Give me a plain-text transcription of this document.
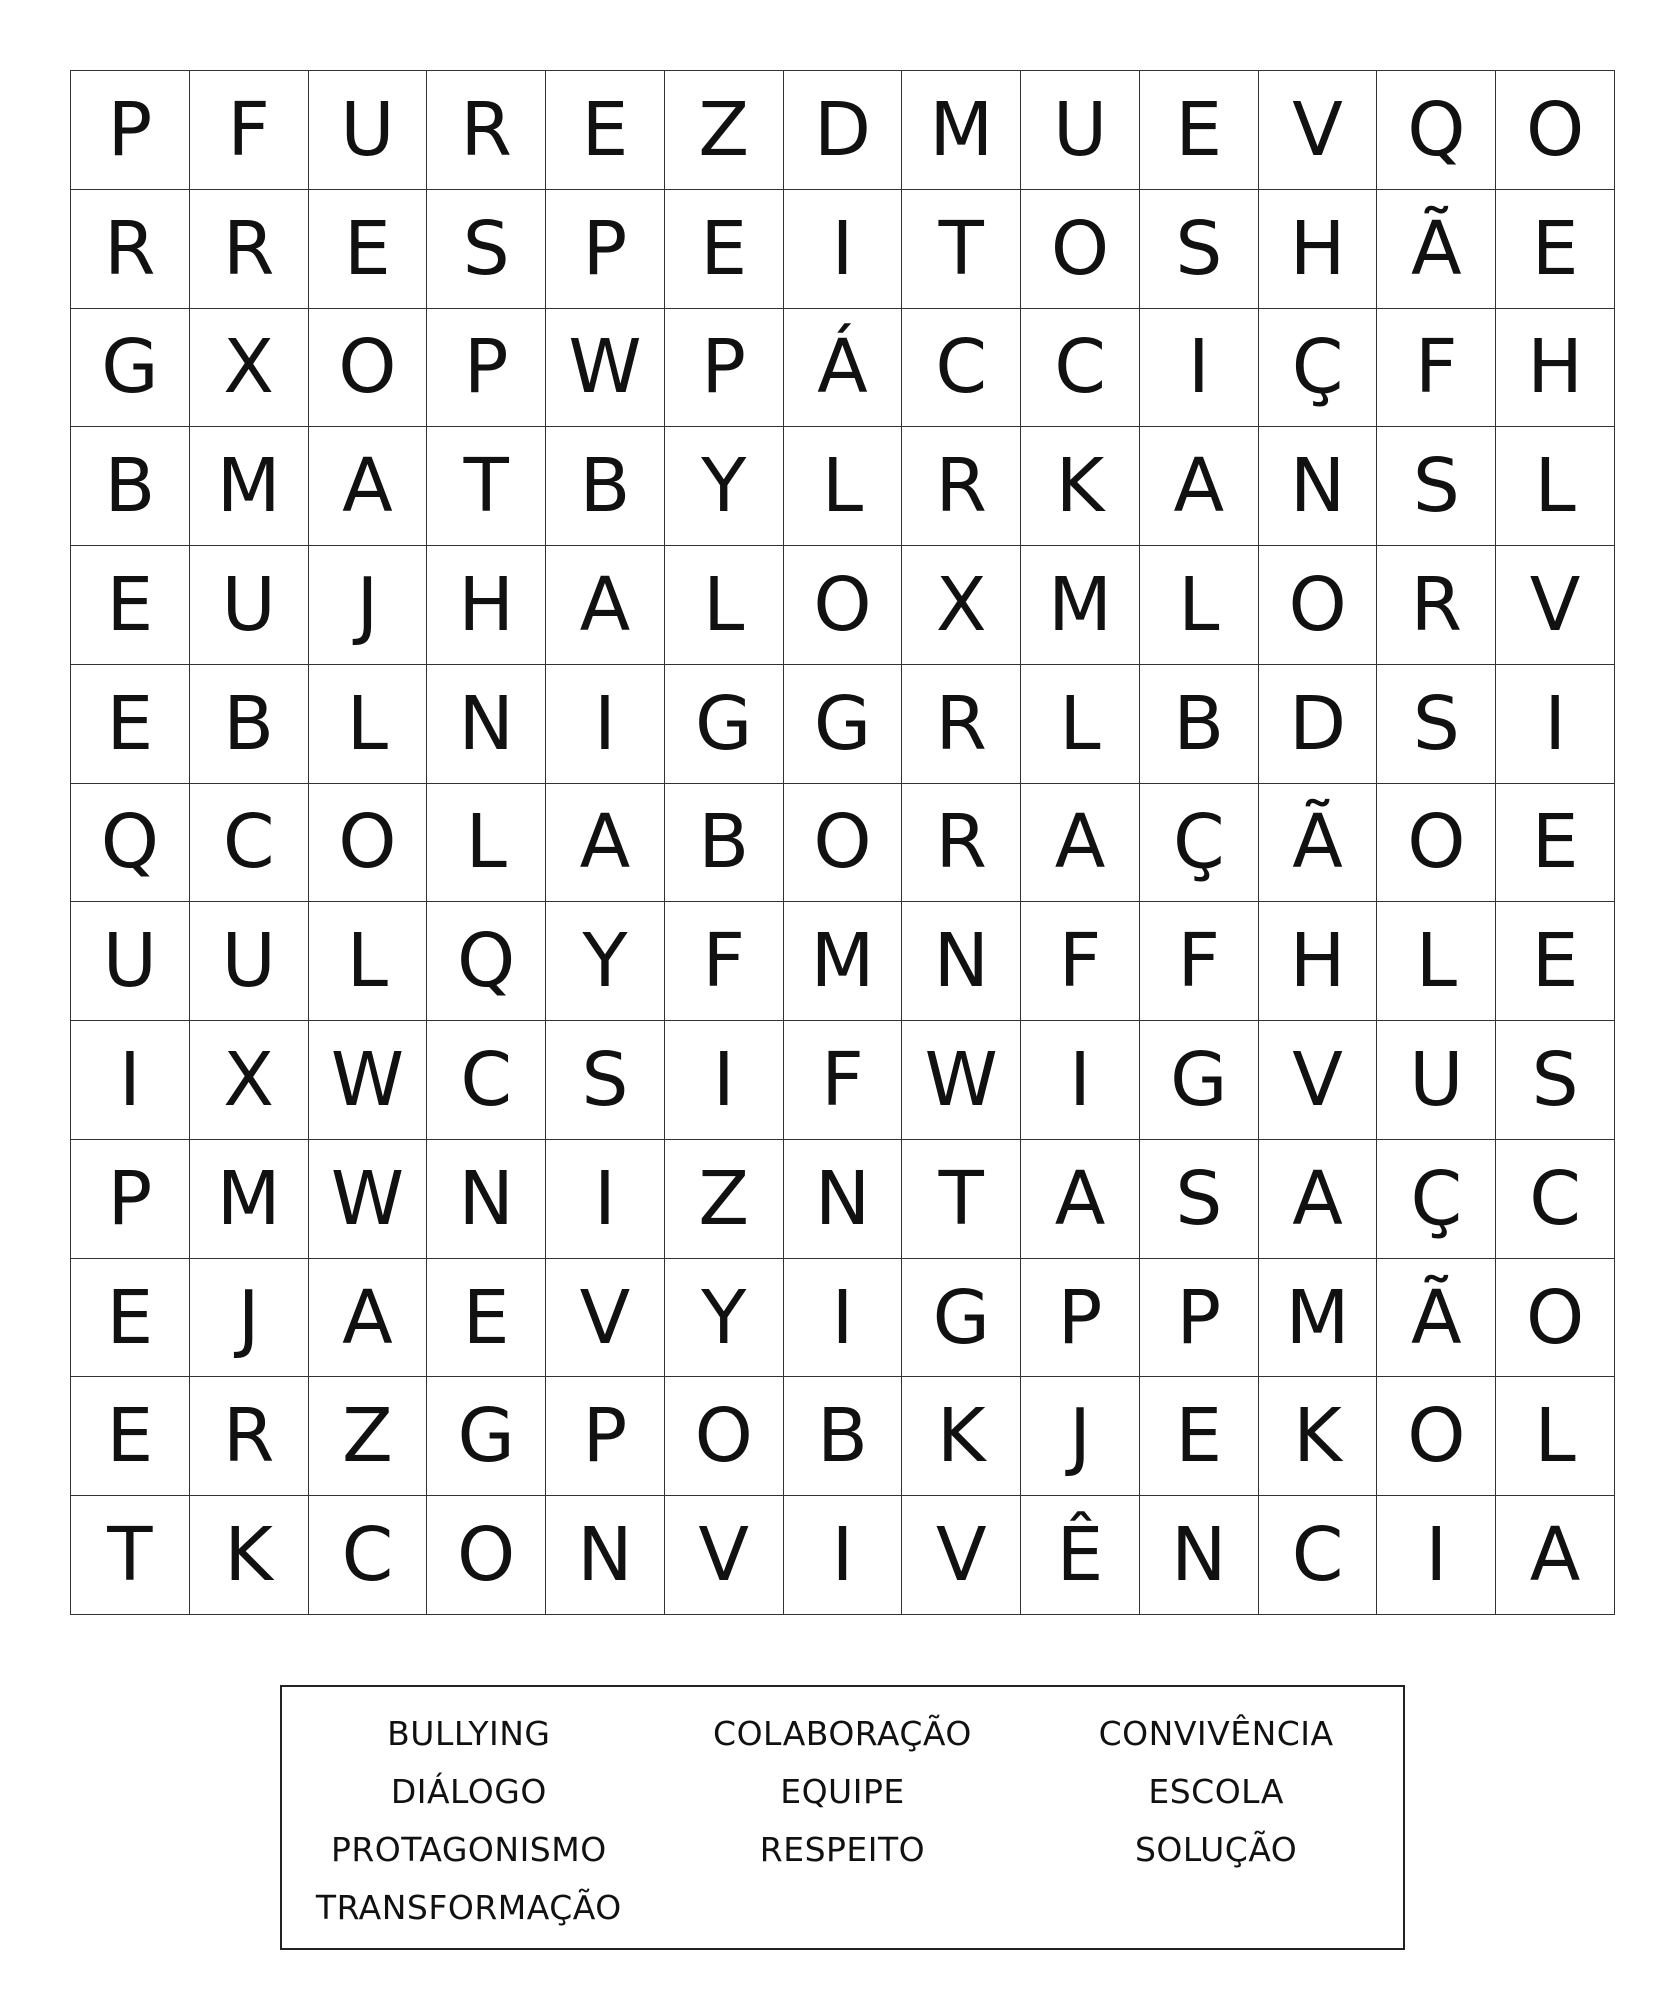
P	F U R E Z D M U E V Q O
R R E S P E	I	T O S H Ã E
G X O P W P Á C C	I	Ç F H
B M A T B Y	L R K A N S	L
E U	J	H A L O X M L O R V
E B L N	I	G G R L B D S	I
Q C O L A B O R A Ç Ã O E
U U L Q Y	F M N F	F H L	E
I	X W C S	I	F W I	G V U S
P M W N	I	Z N T A S A Ç C
E	J	A E V Y	I	G P	P M Ã O
E R Z G P O B K	J	E K O L
T K C O N V	I	V Ê N C	I	A
BULLYING
DIÁLOGO
PROTAGONISMO
TRANSFORMAÇÃO
COLABORAÇÃO
EQUIPE
RESPEITO
CONVIVÊNCIA
ESCOLA
SOLUÇÃO
